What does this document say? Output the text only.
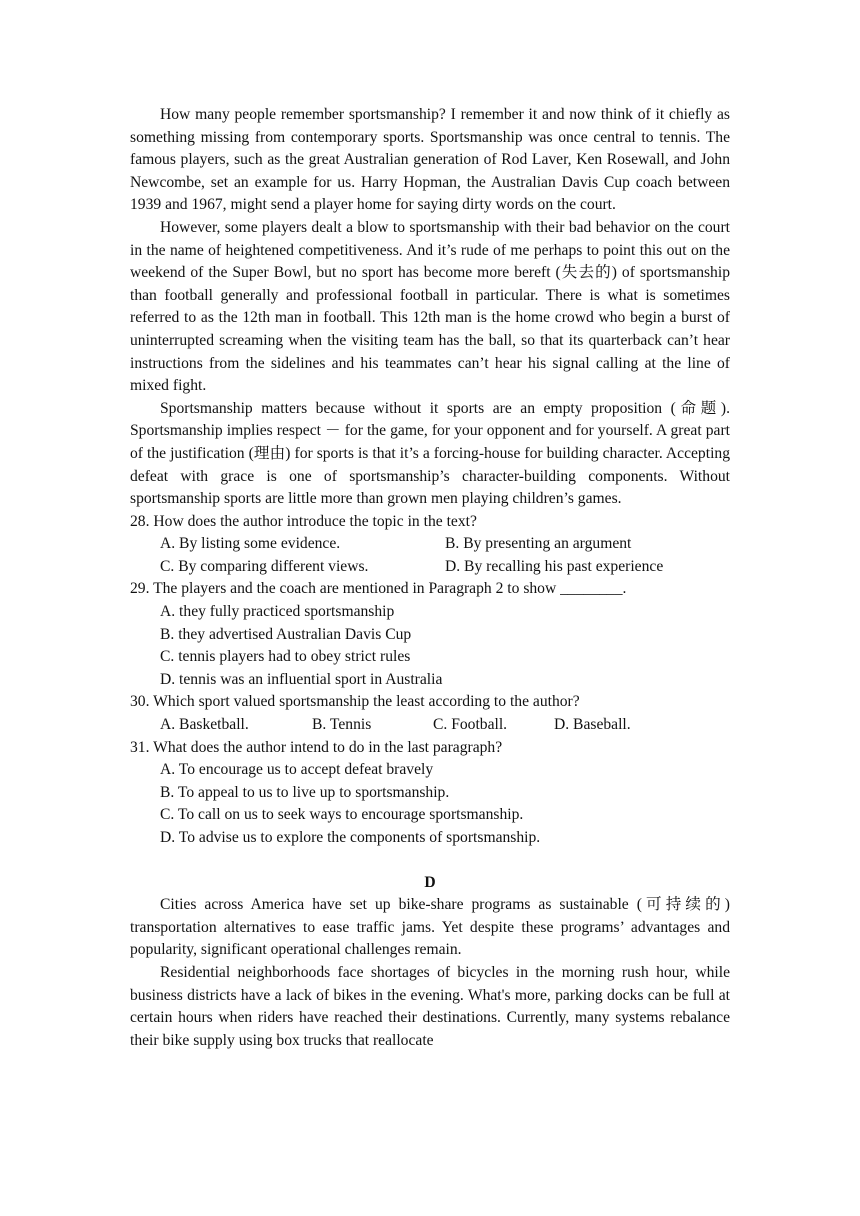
How many people remember sportsmanship? I remember it and now think of it chiefly as something missing from contemporary sports. Sportsmanship was once central to tennis. The famous players, such as the great Australian generation of Rod Laver, Ken Rosewall, and John Newcombe, set an example for us. Harry Hopman, the Australian Davis Cup coach between 1939 and 1967, might send a player home for saying dirty words on the court.

However, some players dealt a blow to sportsmanship with their bad behavior on the court in the name of heightened competitiveness. And it’s rude of me perhaps to point this out on the weekend of the Super Bowl, but no sport has become more bereft (失去的) of sportsmanship than football generally and professional football in particular. There is what is sometimes referred to as the 12th man in football. This 12th man is the home crowd who begin a burst of uninterrupted screaming when the visiting team has the ball, so that its quarterback can’t hear instructions from the sidelines and his teammates can’t hear his signal calling at the line of mixed fight.

Sportsmanship matters because without it sports are an empty proposition (命题). Sportsmanship implies respect － for the game, for your opponent and for yourself. A great part of the justification (理由) for sports is that it’s a forcing-house for building character. Accepting defeat with grace is one of sportsmanship’s character-building components. Without sportsmanship sports are little more than grown men playing children’s games.

28. How does the author introduce the topic in the text?

A. By listing some evidence.	B. By presenting an argument
C. By comparing different views.	D. By recalling his past experience

29. The players and the coach are mentioned in Paragraph 2 to show ________.

A. they fully practiced sportsmanship

B. they advertised Australian Davis Cup

C. tennis players had to obey strict rules

D. tennis was an influential sport in Australia

30. Which sport valued sportsmanship the least according to the author?

A. Basketball.	B. Tennis	C. Football.	D. Baseball.

31. What does the author intend to do in the last paragraph?

A. To encourage us to accept defeat bravely

B. To appeal to us to live up to sportsmanship.

C. To call on us to seek ways to encourage sportsmanship.

D. To advise us to explore the components of sportsmanship.

D

Cities across America have set up bike-share programs as sustainable (可持续的) transportation alternatives to ease traffic jams. Yet despite these programs’ advantages and popularity, significant operational challenges remain.

Residential neighborhoods face shortages of bicycles in the morning rush hour, while business districts have a lack of bikes in the evening. What's more, parking docks can be full at certain hours when riders have reached their destinations. Currently, many systems rebalance their bike supply using box trucks that reallocate
